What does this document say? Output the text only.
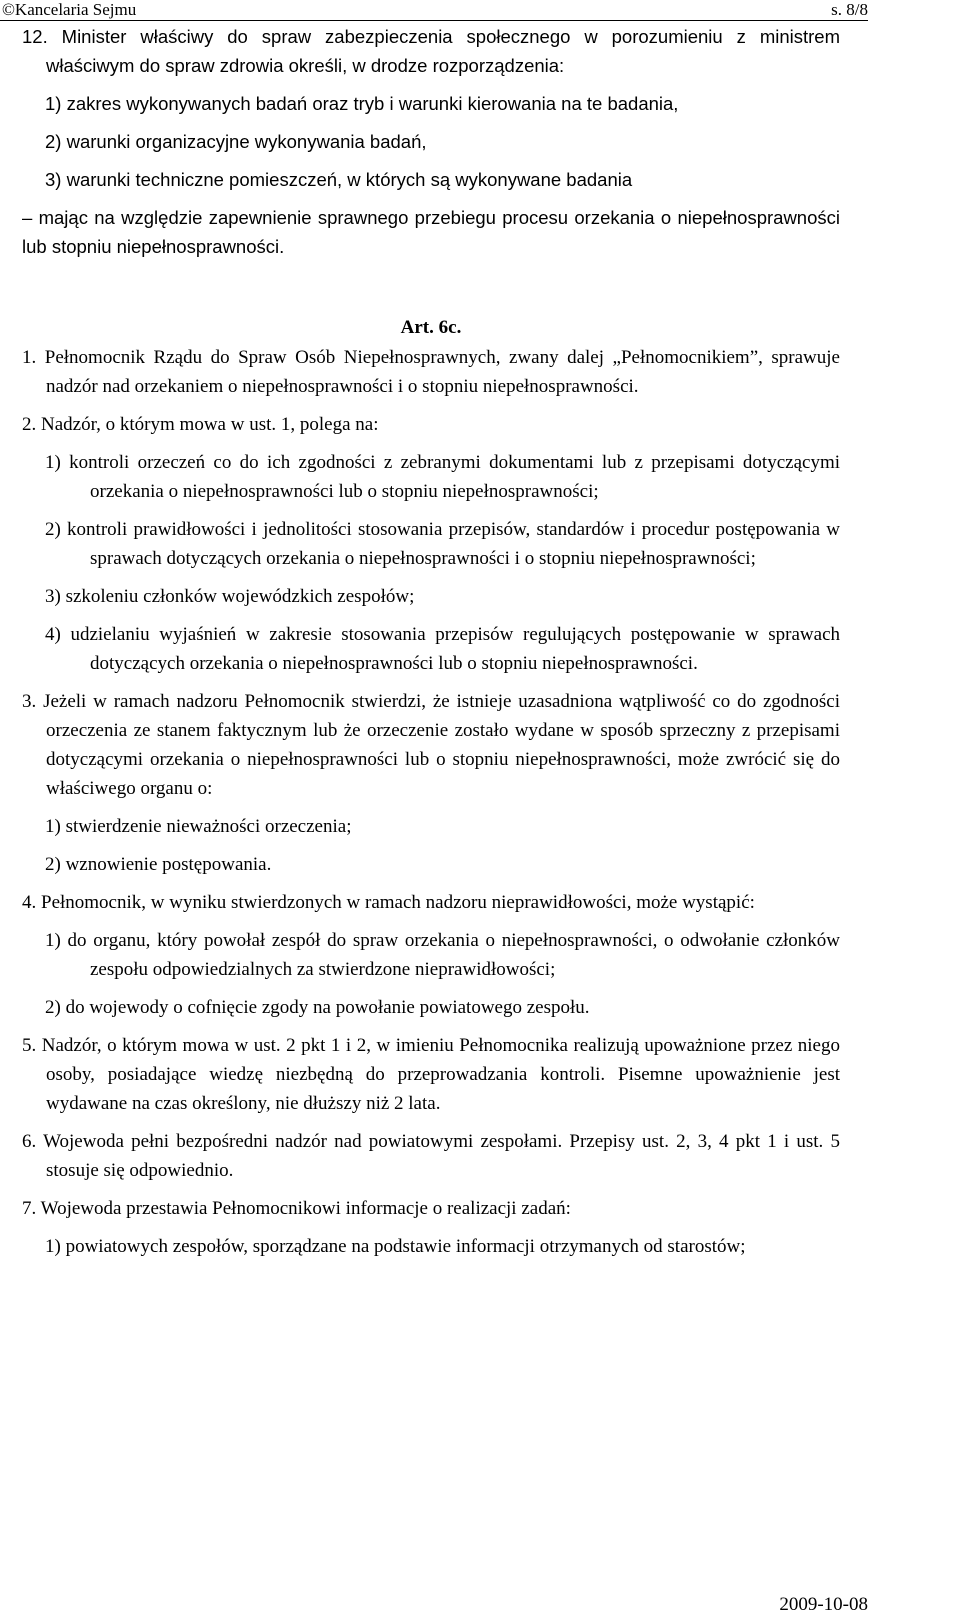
©Kancelaria Sejmu	s. 8/8

12. Minister właściwy do spraw zabezpieczenia społecznego w porozumieniu z ministrem właściwym do spraw zdrowia określi, w drodze rozporządzenia:

1) zakres wykonywanych badań oraz tryb i warunki kierowania na te badania,

2) warunki organizacyjne wykonywania badań,

3) warunki techniczne pomieszczeń, w których są wykonywane badania

– mając na względzie zapewnienie sprawnego przebiegu procesu orzekania o niepełnosprawności lub stopniu niepełnosprawności.

Art. 6c.

1. Pełnomocnik Rządu do Spraw Osób Niepełnosprawnych, zwany dalej „Pełnomocnikiem”, sprawuje nadzór nad orzekaniem o niepełnosprawności i o stopniu niepełnosprawności.

2. Nadzór, o którym mowa w ust. 1, polega na:

1) kontroli orzeczeń co do ich zgodności z zebranymi dokumentami lub z przepisami dotyczącymi orzekania o niepełnosprawności lub o stopniu niepełnosprawności;

2) kontroli prawidłowości i jednolitości stosowania przepisów, standardów i procedur postępowania w sprawach dotyczących orzekania o niepełnosprawności i o stopniu niepełnosprawności;

3) szkoleniu członków wojewódzkich zespołów;

4) udzielaniu wyjaśnień w zakresie stosowania przepisów regulujących postępowanie w sprawach dotyczących orzekania o niepełnosprawności lub o stopniu niepełnosprawności.

3. Jeżeli w ramach nadzoru Pełnomocnik stwierdzi, że istnieje uzasadniona wątpliwość co do zgodności orzeczenia ze stanem faktycznym lub że orzeczenie zostało wydane w sposób sprzeczny z przepisami dotyczącymi orzekania o niepełnosprawności lub o stopniu niepełnosprawności, może zwrócić się do właściwego organu o:

1) stwierdzenie nieważności orzeczenia;

2) wznowienie postępowania.

4. Pełnomocnik, w wyniku stwierdzonych w ramach nadzoru nieprawidłowości, może wystąpić:

1) do organu, który powołał zespół do spraw orzekania o niepełnosprawności, o odwołanie członków zespołu odpowiedzialnych za stwierdzone nieprawidłowości;

2) do wojewody o cofnięcie zgody na powołanie powiatowego zespołu.

5. Nadzór, o którym mowa w ust. 2 pkt 1 i 2, w imieniu Pełnomocnika realizują upoważnione przez niego osoby, posiadające wiedzę niezbędną do przeprowadzania kontroli. Pisemne upoważnienie jest wydawane na czas określony, nie dłuższy niż 2 lata.

6. Wojewoda pełni bezpośredni nadzór nad powiatowymi zespołami. Przepisy ust. 2, 3, 4 pkt 1 i ust. 5 stosuje się odpowiednio.

7. Wojewoda przestawia Pełnomocnikowi informacje o realizacji zadań:

1) powiatowych zespołów, sporządzane na podstawie informacji otrzymanych od starostów;

2009-10-08
